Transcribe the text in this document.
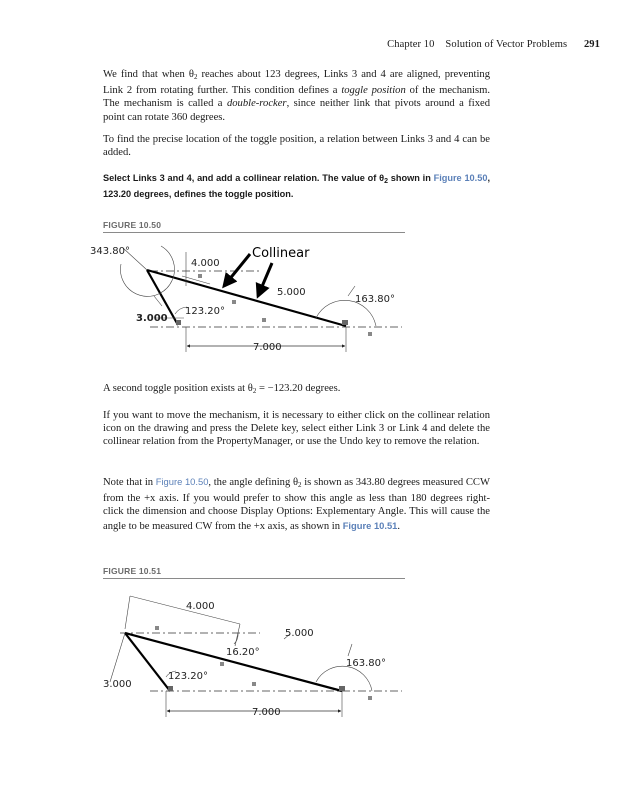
Chapter 10 Solution of Vector Problems 291

We find that when $\theta_2$ reaches about 123 degrees, Links 3 and 4 are aligned, preventing Link 2 from rotating further. This condition defines a toggle position of the mechanism. The mechanism is called a double-rocker, since neither link that pivots around a fixed point can rotate 360 degrees.

To find the precise location of the toggle position, a relation between Links 3 and 4 can be added.

Select Links 3 and 4, and add a collinear relation. The value of $\theta_2$ shown in Figure 10.50, 123.20 degrees, defines the toggle position.

FIGURE 10.50
343.80°
4.000
Collinear
5.000
163.80°
3.000
123.20°
7.000

A second toggle position exists at $\theta_2 = -123.20$ degrees.

If you want to move the mechanism, it is necessary to either click on the collinear relation icon on the drawing and press the Delete key, select either Link 3 or Link 4 and delete the collinear relation from the PropertyManager, or use the Undo key to remove the relation.

Note that in Figure 10.50, the angle defining $\theta_2$ is shown as 343.80 degrees measured CCW from the +x axis. If you would prefer to show this angle as less than 180 degrees right-click the dimension and choose Display Options: Explementary Angle. This will cause the angle to be measured CW from the +x axis, as shown in Figure 10.51.

FIGURE 10.51
4.000
5.000
16.20°
163.80°
3.000
123.20°
7.000
